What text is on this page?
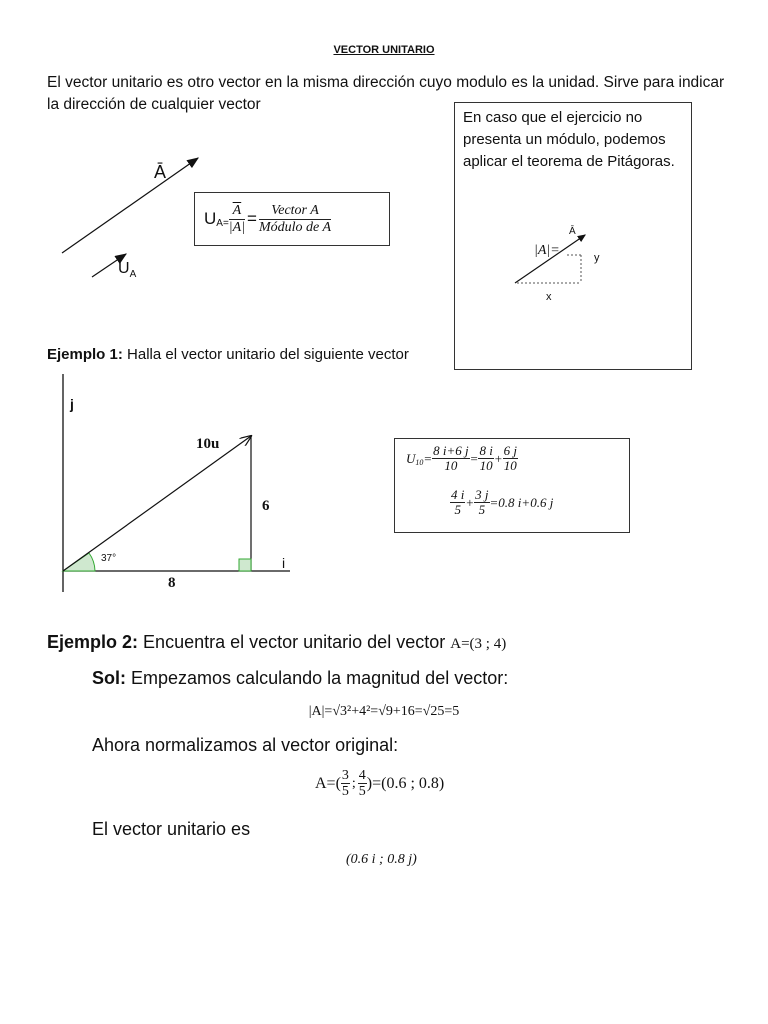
VECTOR UNITARIO
El vector unitario es otro vector en la misma dirección cuyo modulo es la unidad. Sirve para indicar la dirección de cualquier vector
Ā
$U_A$
U $A = \frac{\overline{A}}{|A|} = \frac{\text{Vector A}}{\text{Módulo de A}}$
En caso que el ejercicio no presenta un módulo, podemos aplicar el teorema de Pitágoras.
|A|=
Ā
y
x
Ejemplo 1: Halla el vector unitario del siguiente vector
j
i
10u
6
8
37°
U $10 = \frac{8 i+6 j}{10} = \frac{8 i}{10} + \frac{6 j}{10}$
$\frac{4 i}{5} + \frac{3 j}{5} =0.8$ i+0.6 j
Ejemplo 2: Encuentra el vector unitario del vector A=(3 ; 4)
Sol: Empezamos calculando la magnitud del vector:
|A|=√3²+4²=√9+16=√25=5
Ahora normalizamos al vector original:
$A=( \frac{3}{5}$ ; $\frac{4}{5} )=(0.6$ ; 0.8)
El vector unitario es
(0.6 i ; 0.8 j)
